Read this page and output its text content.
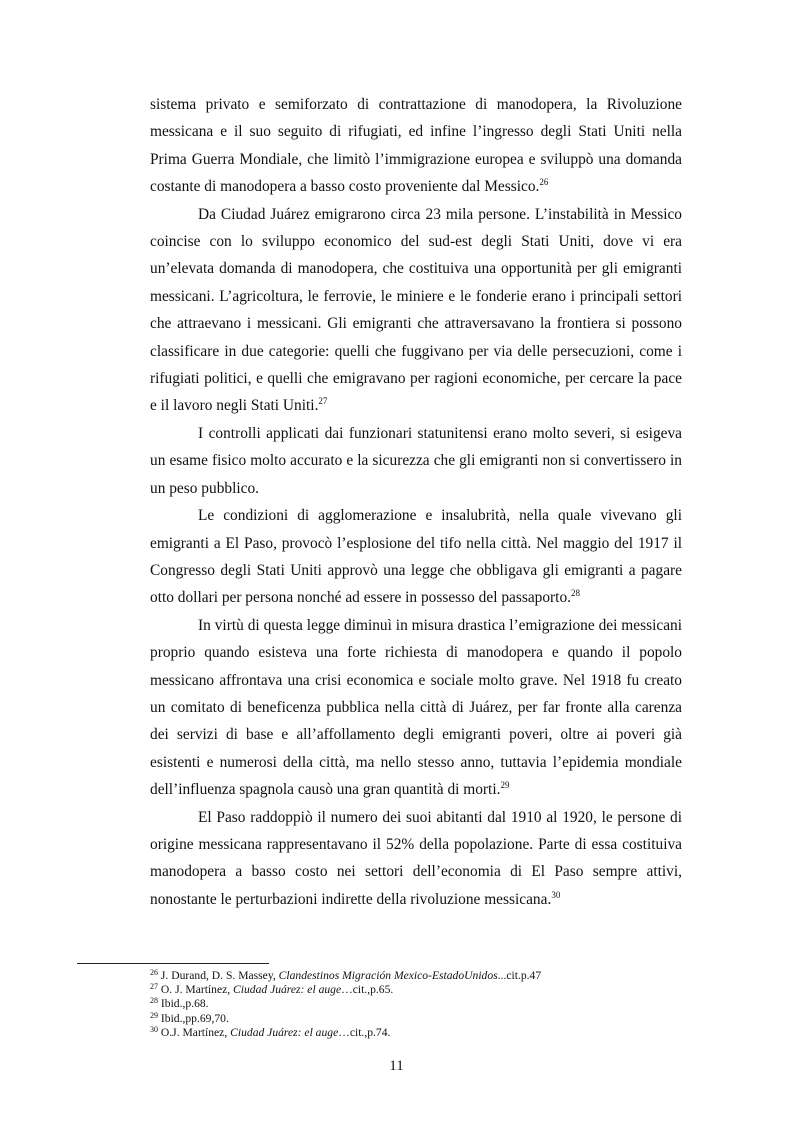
sistema privato e semiforzato di contrattazione di manodopera, la Rivoluzione messicana e il suo seguito di rifugiati, ed infine l’ingresso degli Stati Uniti nella Prima Guerra Mondiale, che limitò l’immigrazione europea e sviluppò una domanda costante di manodopera a basso costo proveniente dal Messico.$^{26}$

Da Ciudad Juárez emigrarono circa 23 mila persone. L’instabilità in Messico coincise con lo sviluppo economico del sud-est degli Stati Uniti, dove vi era un’elevata domanda di manodopera, che costituiva una opportunità per gli emigranti messicani. L’agricoltura, le ferrovie, le miniere e le fonderie erano i principali settori che attraevano i messicani. Gli emigranti che attraversavano la frontiera si possono classificare in due categorie: quelli che fuggivano per via delle persecuzioni, come i rifugiati politici, e quelli che emigravano per ragioni economiche, per cercare la pace e il lavoro negli Stati Uniti.$^{27}$

I controlli applicati dai funzionari statunitensi erano molto severi, si esigeva un esame fisico molto accurato e la sicurezza che gli emigranti non si convertissero in un peso pubblico.

Le condizioni di agglomerazione e insalubrità, nella quale vivevano gli emigranti a El Paso, provocò l’esplosione del tifo nella città. Nel maggio del 1917 il Congresso degli Stati Uniti approvò una legge che obbligava gli emigranti a pagare otto dollari per persona nonché ad essere in possesso del passaporto.$^{28}$

In virtù di questa legge diminuì in misura drastica l’emigrazione dei messicani proprio quando esisteva una forte richiesta di manodopera e quando il popolo messicano affrontava una crisi economica e sociale molto grave. Nel 1918 fu creato un comitato di beneficenza pubblica nella città di Juárez, per far fronte alla carenza dei servizi di base e all’affollamento degli emigranti poveri, oltre ai poveri già esistenti e numerosi della città, ma nello stesso anno, tuttavia l’epidemia mondiale dell’influenza spagnola causò una gran quantità di morti.$^{29}$

El Paso raddoppiò il numero dei suoi abitanti dal 1910 al 1920, le persone di origine messicana rappresentavano il 52% della popolazione. Parte di essa costituiva manodopera a basso costo nei settori dell’economia di El Paso sempre attivi, nonostante le perturbazioni indirette della rivoluzione messicana.$^{30}$

$^{26}$ J. Durand, D. S. Massey, Clandestinos Migración Mexico-EstadoUnidos...cit.p.47

$^{27}$ O. J. Martínez, Ciudad Juárez: el auge…cit.,p.65.

$^{28}$ Ibid.,p.68.

$^{29}$ Ibid.,pp.69,70.

$^{30}$ O.J. Martínez, Ciudad Juárez: el auge…cit.,p.74.

11
